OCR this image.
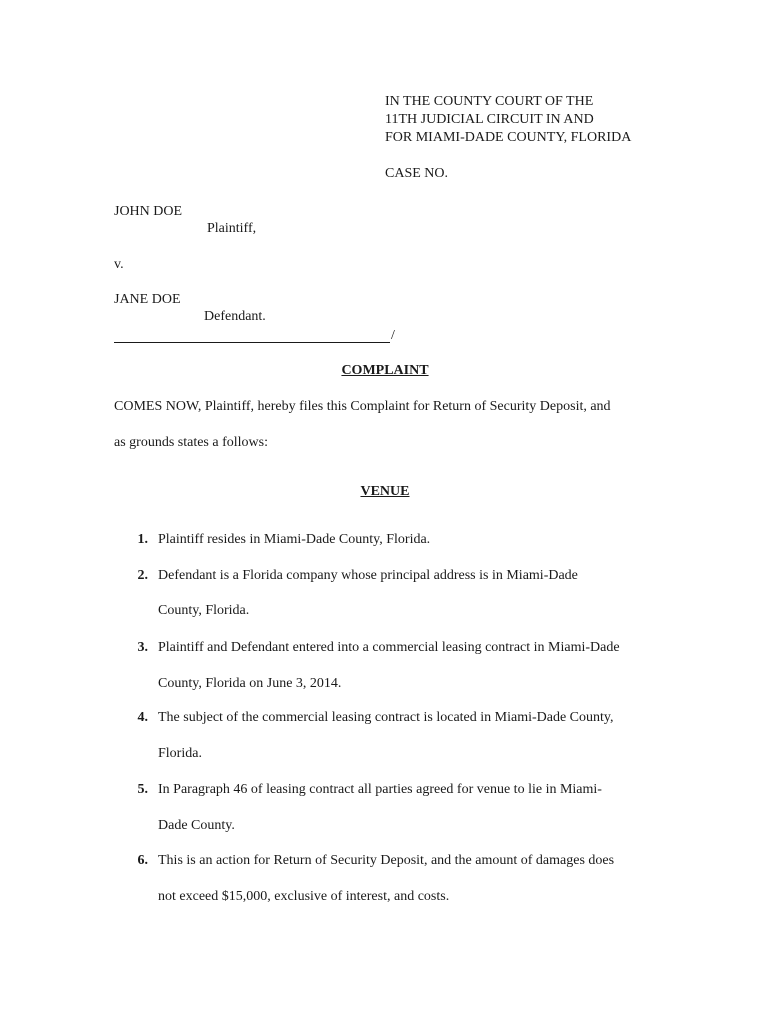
IN THE COUNTY COURT OF THE
11TH JUDICIAL CIRCUIT IN AND
FOR MIAMI-DADE COUNTY, FLORIDA
CASE NO.
JOHN DOE
Plaintiff,
v.
JANE DOE
Defendant.
/
COMPLAINT
COMES NOW, Plaintiff, hereby files this Complaint for Return of Security Deposit, and
as grounds states a follows:
VENUE
1. Plaintiff resides in Miami-Dade County, Florida.
2. Defendant is a Florida company whose principal address is in Miami-Dade
County, Florida.
3. Plaintiff and Defendant entered into a commercial leasing contract in Miami-Dade
County, Florida on June 3, 2014.
4. The subject of the commercial leasing contract is located in Miami-Dade County,
Florida.
5. In Paragraph 46 of leasing contract all parties agreed for venue to lie in Miami-
Dade County.
6. This is an action for Return of Security Deposit, and the amount of damages does
not exceed $15,000, exclusive of interest, and costs.
